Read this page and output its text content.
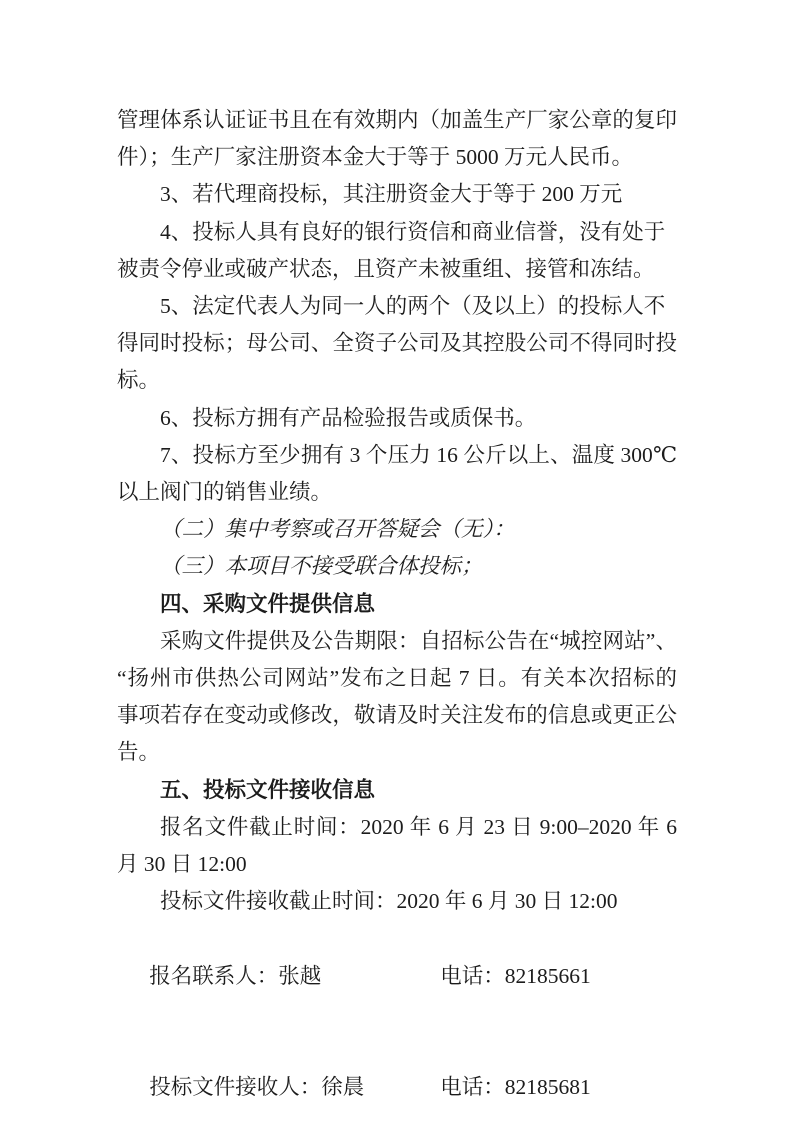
管理体系认证证书且在有效期内（加盖生产厂家公章的复印
件）；生产厂家注册资本金大于等于 5000 万元人民币。
3、若代理商投标，其注册资金大于等于 200 万元
4、投标人具有良好的银行资信和商业信誉，没有处于
被责令停业或破产状态，且资产未被重组、接管和冻结。
5、法定代表人为同一人的两个（及以上）的投标人不
得同时投标；母公司、全资子公司及其控股公司不得同时投
标。
6、投标方拥有产品检验报告或质保书。
7、投标方至少拥有 3 个压力 16 公斤以上、温度 300℃
以上阀门的销售业绩。
（二）集中考察或召开答疑会（无）：
（三）本项目不接受联合体投标；
四、采购文件提供信息
采购文件提供及公告期限：自招标公告在“城控网站”、
“扬州市供热公司网站”发布之日起 7 日。有关本次招标的
事项若存在变动或修改，敬请及时关注发布的信息或更正公
告。
五、投标文件接收信息
报名文件截止时间：2020 年 6 月 23 日 9:00–2020 年 6
月 30 日 12:00
投标文件接收截止时间：2020 年 6 月 30 日 12:00

报名联系人：张越	电话：82185661

投标文件接收人：徐晨	电话：82185681
